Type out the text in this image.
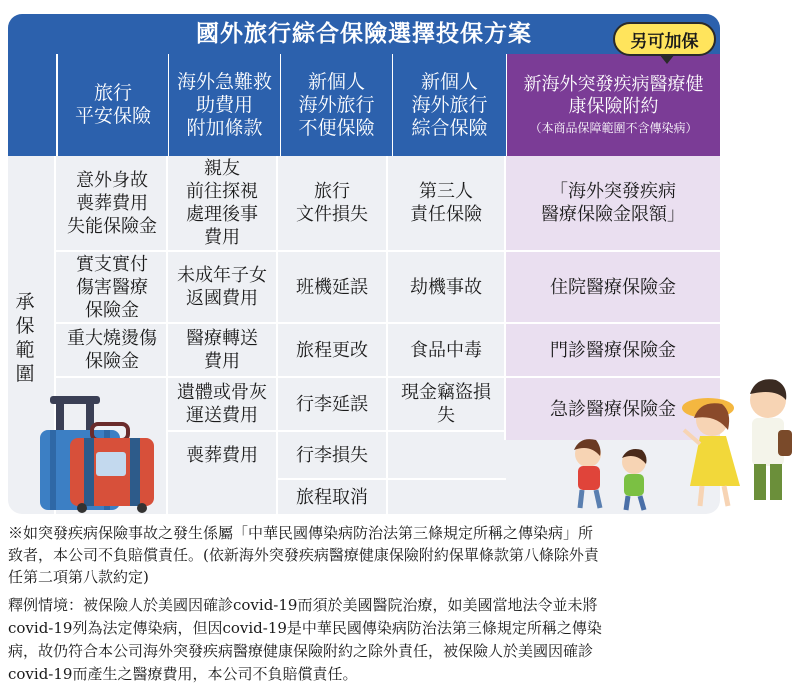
國外旅行綜合保險選擇投保方案
旅行
平安保險
海外急難救
助費用
附加條款
新個人
海外旅行
不便保險
新個人
海外旅行
綜合保險
新海外突發疾病醫療健
康保險附約
（本商品保障範圍不含傳染病）
意外身故
喪葬費用
失能保險金
實支實付
傷害醫療
保險金
重大燒燙傷
保險金
親友
前往探視
處理後事
費用
未成年子女
返國費用
醫療轉送
費用
遺體或骨灰
運送費用
喪葬費用
旅行
文件損失
班機延誤
旅程更改
行李延誤
行李損失
旅程取消
第三人
責任保險
劫機事故
食品中毒
現金竊盜損
失
「海外突發疾病
醫療保險金限額」
住院醫療保險金
門診醫療保險金
急診醫療保險金
承
保
範
圍
另可加保

※如突發疾病保險事故之發生係屬「中華民國傳染病防治法第三條規定所稱之傳染病」所

致者，本公司不負賠償責任。(依新海外突發疾病醫療健康保險附約保單條款第八條除外責

任第二項第八款約定)

釋例情境：被保險人於美國因確診covid-19而須於美國醫院治療，如美國當地法令並未將

covid-19列為法定傳染病，但因covid-19是中華民國傳染病防治法第三條規定所稱之傳染

病，故仍符合本公司海外突發疾病醫療健康保險附約之除外責任，被保險人於美國因確診

covid-19而產生之醫療費用，本公司不負賠償責任。
